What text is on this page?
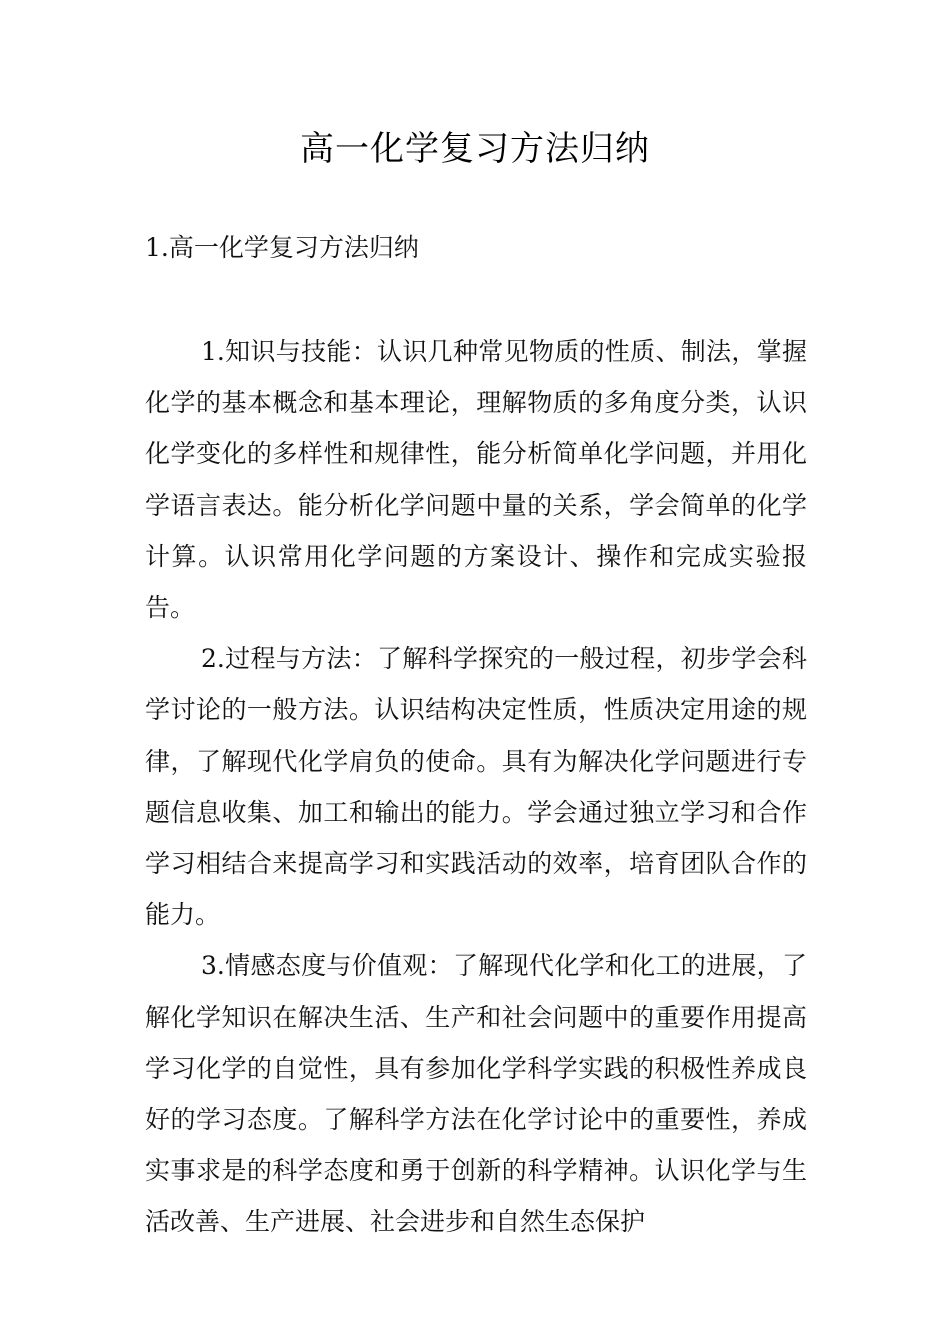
高一化学复习方法归纳
1.高一化学复习方法归纳

1.知识与技能：认识几种常见物质的性质、制法，掌握化学的基本概念和基本理论，理解物质的多角度分类，认识化学变化的多样性和规律性，能分析简单化学问题，并用化学语言表达。能分析化学问题中量的关系，学会简单的化学计算。认识常用化学问题的方案设计、操作和完成实验报告。

2.过程与方法：了解科学探究的一般过程，初步学会科学讨论的一般方法。认识结构决定性质，性质决定用途的规律，了解现代化学肩负的使命。具有为解决化学问题进行专题信息收集、加工和输出的能力。学会通过独立学习和合作学习相结合来提高学习和实践活动的效率，培育团队合作的能力。

3.情感态度与价值观：了解现代化学和化工的进展，了解化学知识在解决生活、生产和社会问题中的重要作用提高学习化学的自觉性，具有参加化学科学实践的积极性养成良好的学习态度。了解科学方法在化学讨论中的重要性，养成实事求是的科学态度和勇于创新的科学精神。认识化学与生活改善、生产进展、社会进步和自然生态保护
